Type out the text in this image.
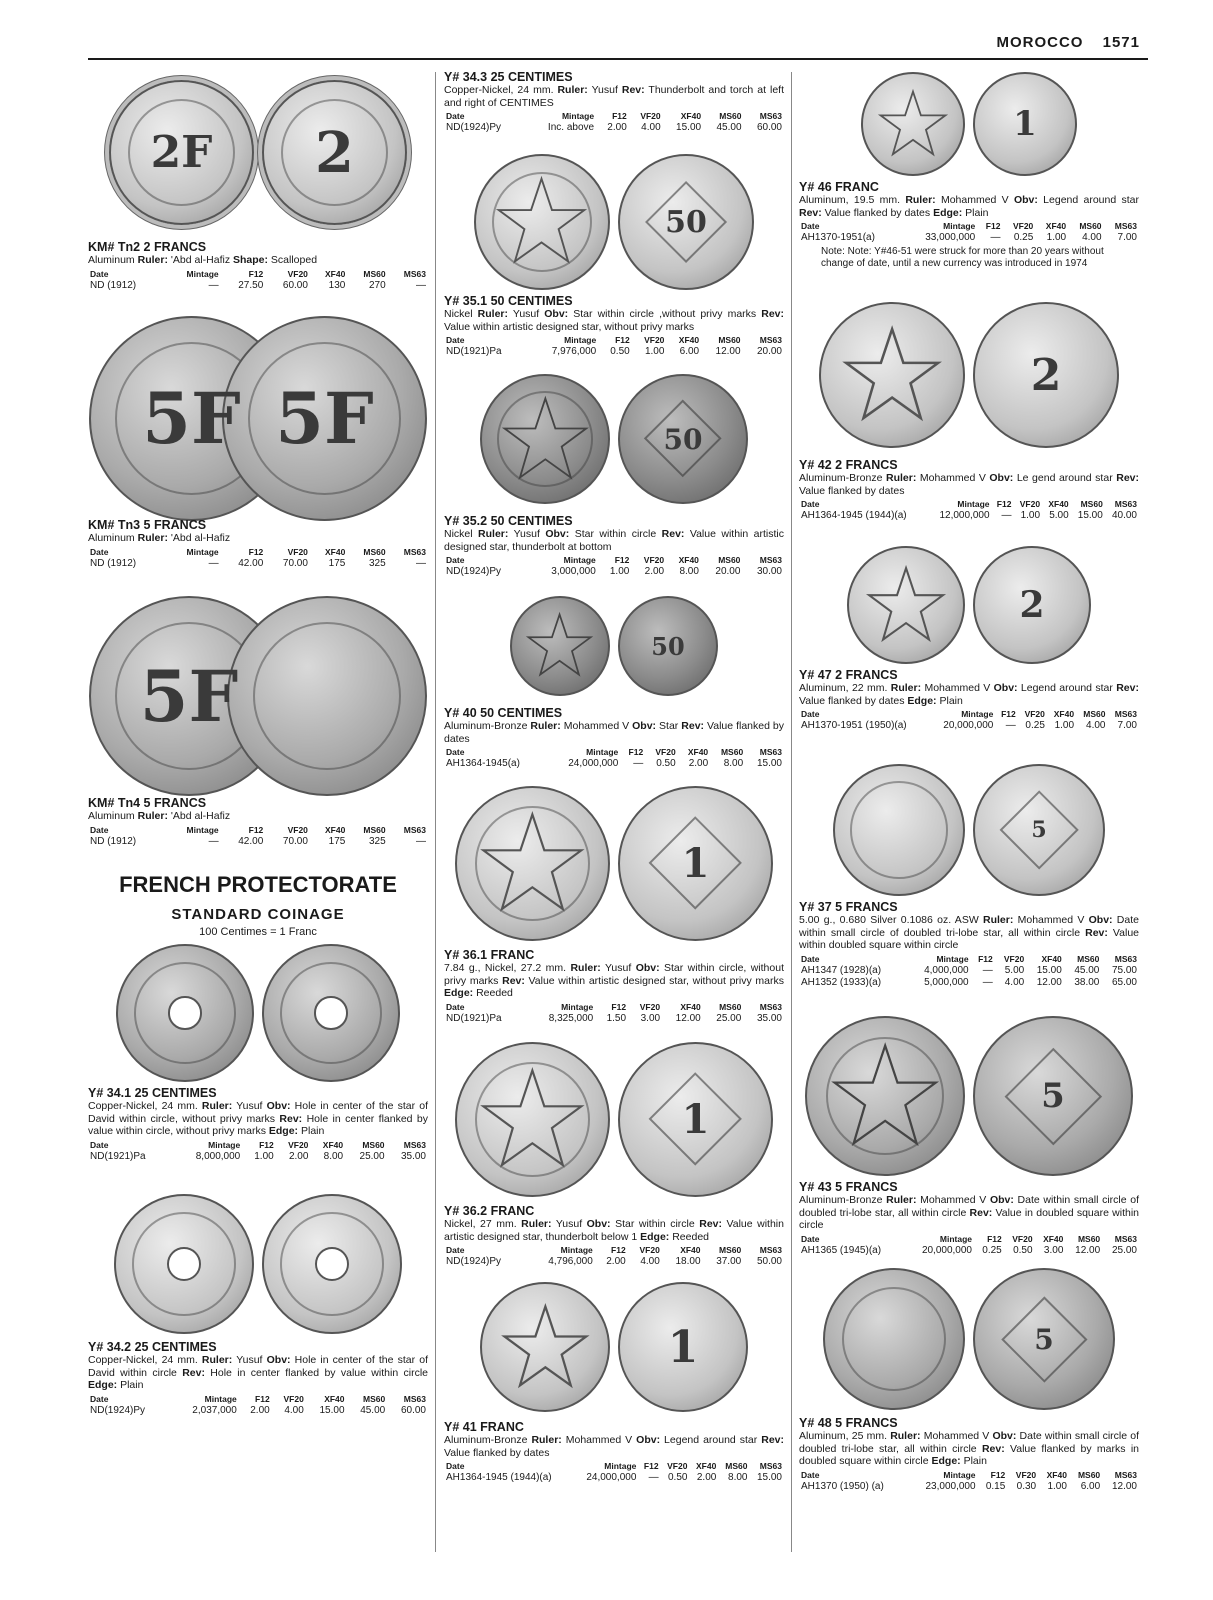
MOROCCO 1571
2F 2

KM# Tn2 2 FRANCS

Aluminum Ruler: 'Abd al-Hafiz Shape: Scalloped

Date	Mintage	F12	VF20	XF40	MS60	MS63
ND (1912)	—	27.50	60.00	130	270	—
5F 5F

KM# Tn3 5 FRANCS

Aluminum Ruler: 'Abd al-Hafiz

Date	Mintage	F12	VF20	XF40	MS60	MS63
ND (1912)	—	42.00	70.00	175	325	—
5F

KM# Tn4 5 FRANCS

Aluminum Ruler: 'Abd al-Hafiz

Date	Mintage	F12	VF20	XF40	MS60	MS63
ND (1912)	—	42.00	70.00	175	325	—
FRENCH PROTECTORATE
STANDARD COINAGE
100 Centimes = 1 Franc

Y# 34.1 25 CENTIMES

Copper-Nickel, 24 mm. Ruler: Yusuf Obv: Hole in center of the star of David within circle, without privy marks Rev: Hole in center flanked by value within circle, without privy marks Edge: Plain

Date	Mintage	F12	VF20	XF40	MS60	MS63
ND(1921)Pa	8,000,000	1.00	2.00	8.00	25.00	35.00

Y# 34.2 25 CENTIMES

Copper-Nickel, 24 mm. Ruler: Yusuf Obv: Hole in center of the star of David within circle Rev: Hole in center flanked by value within circle Edge: Plain

Date	Mintage	F12	VF20	XF40	MS60	MS63
ND(1924)Py	2,037,000	2.00	4.00	15.00	45.00	60.00

Y# 34.3 25 CENTIMES

Copper-Nickel, 24 mm. Ruler: Yusuf Rev: Thunderbolt and torch at left and right of CENTIMES

Date	Mintage	F12	VF20	XF40	MS60	MS63
ND(1924)Py	Inc. above	2.00	4.00	15.00	45.00	60.00
50

Y# 35.1 50 CENTIMES

Nickel Ruler: Yusuf Obv: Star within circle ,without privy marks Rev: Value within artistic designed star, without privy marks

Date	Mintage	F12	VF20	XF40	MS60	MS63
ND(1921)Pa	7,976,000	0.50	1.00	6.00	12.00	20.00
50

Y# 35.2 50 CENTIMES

Nickel Ruler: Yusuf Obv: Star within circle Rev: Value within artistic designed star, thunderbolt at bottom

Date	Mintage	F12	VF20	XF40	MS60	MS63
ND(1924)Py	3,000,000	1.00	2.00	8.00	20.00	30.00
50

Y# 40 50 CENTIMES

Aluminum-Bronze Ruler: Mohammed V Obv: Star Rev: Value flanked by dates

Date	Mintage	F12	VF20	XF40	MS60	MS63
AH1364-1945(a)	24,000,000	—	0.50	2.00	8.00	15.00
1

Y# 36.1 FRANC

7.84 g., Nickel, 27.2 mm. Ruler: Yusuf Obv: Star within circle, without privy marks Rev: Value within artistic designed star, without privy marks Edge: Reeded

Date	Mintage	F12	VF20	XF40	MS60	MS63
ND(1921)Pa	8,325,000	1.50	3.00	12.00	25.00	35.00
1

Y# 36.2 FRANC

Nickel, 27 mm. Ruler: Yusuf Obv: Star within circle Rev: Value within artistic designed star, thunderbolt below 1 Edge: Reeded

Date	Mintage	F12	VF20	XF40	MS60	MS63
ND(1924)Py	4,796,000	2.00	4.00	18.00	37.00	50.00
1

Y# 41 FRANC

Aluminum-Bronze Ruler: Mohammed V Obv: Legend around star Rev: Value flanked by dates

Date	Mintage	F12	VF20	XF40	MS60	MS63
AH1364-1945 (1944)(a)	24,000,000	—	0.50	2.00	8.00	15.00
1

Y# 46 FRANC

Aluminum, 19.5 mm. Ruler: Mohammed V Obv: Legend around star Rev: Value flanked by dates Edge: Plain

Date	Mintage	F12	VF20	XF40	MS60	MS63
AH1370-1951(a)	33,000,000	—	0.25	1.00	4.00	7.00

Note: Note: Y#46-51 were struck for more than 20 years without change of date, until a new currency was introduced in 1974

2

Y# 42 2 FRANCS

Aluminum-Bronze Ruler: Mohammed V Obv: Le gend around star Rev: Value flanked by dates

Date	Mintage	F12	VF20	XF40	MS60	MS63
AH1364-1945 (1944)(a)	12,000,000	—	1.00	5.00	15.00	40.00
2

Y# 47 2 FRANCS

Aluminum, 22 mm. Ruler: Mohammed V Obv: Legend around star Rev: Value flanked by dates Edge: Plain

Date	Mintage	F12	VF20	XF40	MS60	MS63
AH1370-1951 (1950)(a)	20,000,000	—	0.25	1.00	4.00	7.00
5

Y# 37 5 FRANCS

5.00 g., 0.680 Silver 0.1086 oz. ASW Ruler: Mohammed V Obv: Date within small circle of doubled tri-lobe star, all within circle Rev: Value within doubled square within circle

Date	Mintage	F12	VF20	XF40	MS60	MS63
AH1347 (1928)(a)	4,000,000	—	5.00	15.00	45.00	75.00
AH1352 (1933)(a)	5,000,000	—	4.00	12.00	38.00	65.00
5

Y# 43 5 FRANCS

Aluminum-Bronze Ruler: Mohammed V Obv: Date within small circle of doubled tri-lobe star, all within circle Rev: Value in doubled square within circle

Date	Mintage	F12	VF20	XF40	MS60	MS63
AH1365 (1945)(a)	20,000,000	0.25	0.50	3.00	12.00	25.00
5

Y# 48 5 FRANCS

Aluminum, 25 mm. Ruler: Mohammed V Obv: Date within small circle of doubled tri-lobe star, all within circle Rev: Value flanked by marks in doubled square within circle Edge: Plain

Date	Mintage	F12	VF20	XF40	MS60	MS63
AH1370 (1950) (a)	23,000,000	0.15	0.30	1.00	6.00	12.00
